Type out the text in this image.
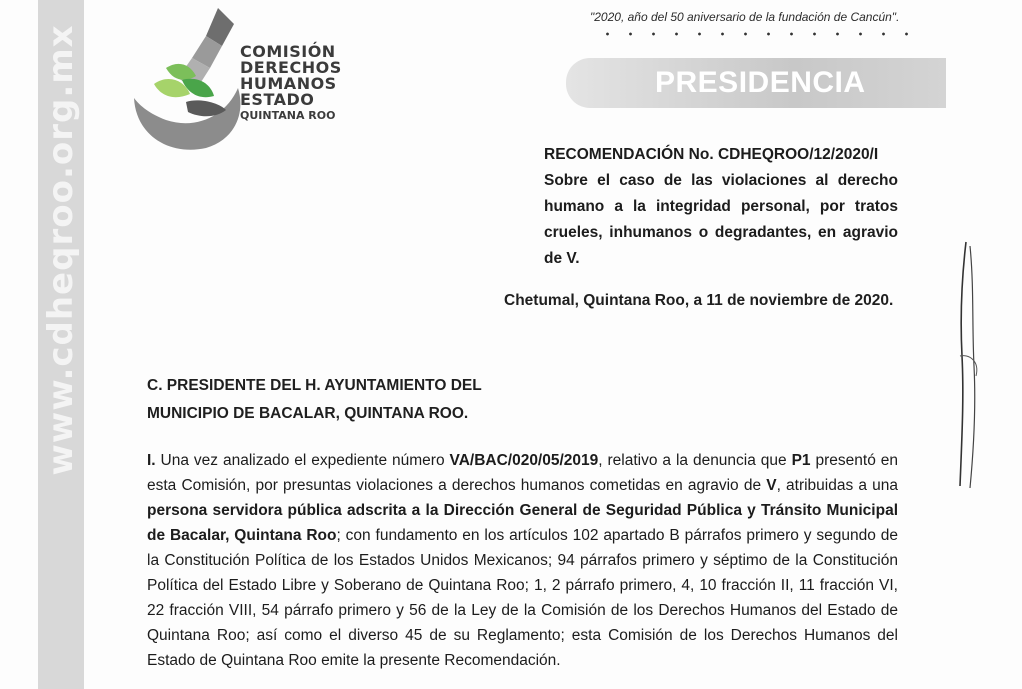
www.cdheqroo.org.mx	COMISIÓN
DERECHOS
HUMANOS
ESTADO
QUINTANA ROO
"2020, año del 50 aniversario de la fundación de Cancún".
PRESIDENCIA
RECOMENDACIÓN No. CDHEQROO/12/2020/I
Sobre el caso de las violaciones al derecho humano a la integridad personal, por tratos crueles, inhumanos o degradantes, en agravio de V.
Chetumal, Quintana Roo, a 11 de noviembre de 2020.
C. PRESIDENTE DEL H. AYUNTAMIENTO DEL
MUNICIPIO DE BACALAR, QUINTANA ROO.
I. Una vez analizado el expediente número VA/BAC/020/05/2019, relativo a la denuncia que P1 presentó en esta Comisión, por presuntas violaciones a derechos humanos cometidas en agravio de V, atribuidas a una persona servidora pública adscrita a la Dirección General de Seguridad Pública y Tránsito Municipal de Bacalar, Quintana Roo; con fundamento en los artículos 102 apartado B párrafos primero y segundo de la Constitución Política de los Estados Unidos Mexicanos; 94 párrafos primero y séptimo de la Constitución Política del Estado Libre y Soberano de Quintana Roo; 1, 2 párrafo primero, 4, 10 fracción II, 11 fracción VI, 22 fracción VIII, 54 párrafo primero y 56 de la Ley de la Comisión de los Derechos Humanos del Estado de Quintana Roo; así como el diverso 45 de su Reglamento; esta Comisión de los Derechos Humanos del Estado de Quintana Roo emite la presente Recomendación.
